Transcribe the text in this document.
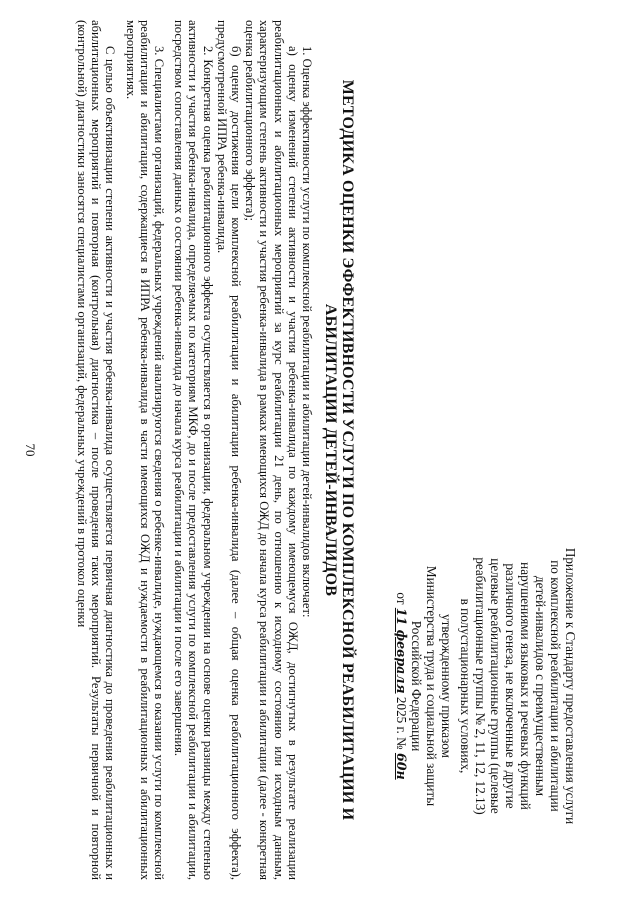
70
Приложение к Стандарту предоставления услуги
по комплексной реабилитации и абилитации
детей-инвалидов с преимущественным
нарушениями языковых и речевых функций
различного генеза, не включенные в другие
целевые реабилитационные группы (целевые
реабилитационные группы № 2, 11, 12, 12.13)
в полустационарных условиях,
утвержденному приказом
Министерства труда и социальной защиты
Российской Федерации
от 11 февраля 2025 г. № 60н
МЕТОДИКА ОЦЕНКИ ЭФФЕКТИВНОСТИ УСЛУГИ ПО КОМПЛЕКСНОЙ РЕАБИЛИТАЦИИ И
АБИЛИТАЦИИ ДЕТЕЙ-ИНВАЛИДОВ

1. Оценка эффективности услуги по комплексной реабилитации и абилитации детей-инвалидов включает:

а) оценку изменений степени активности и участия ребенка-инвалида по каждому имеющемуся ОЖД, достигнутых в результате реализации реабилитационных и абилитационных мероприятий за курс реабилитации 21 день, по отношению к исходному состоянию или исходным данным, характеризующим степень активности и участия ребенка-инвалида в рамках имеющихся ОЖД до начала курса реабилитации и абилитации (далее - конкретная оценка реабилитационного эффекта);

б) оценку достижения цели комплексной реабилитации и абилитации ребенка-инвалида (далее – общая оценка реабилитационного эффекта), предусмотренной ИПРА ребенка-инвалида.

2. Конкретная оценка реабилитационного эффекта осуществляется в организации, федеральном учреждении на основе оценки разницы между степенью активности и участия ребенка-инвалида, определяемых по категориям МКФ, до и после предоставления услуги по комплексной реабилитации и абилитации, посредством сопоставления данных о состоянии ребенка-инвалида до начала курса реабилитации и абилитации и после его завершения.

3. Специалистами организаций, федеральных учреждений анализируются сведения о ребенке-инвалиде, нуждающемся в оказании услуги по комплексной реабилитации и абилитации, содержащиеся в ИПРА ребенка-инвалида в части имеющихся ОЖД и нуждаемости в реабилитационных и абилитационных мероприятиях.

С целью объективизации степени активности и участия ребенка-инвалида осуществляется первичная диагностика до проведения реабилитационных и абилитационных мероприятий и повторная (контрольная) диагностика – после проведения таких мероприятий. Результаты первичной и повторной (контрольной) диагностики заносятся специалистами организаций, федеральных учреждений в протокол оценки
